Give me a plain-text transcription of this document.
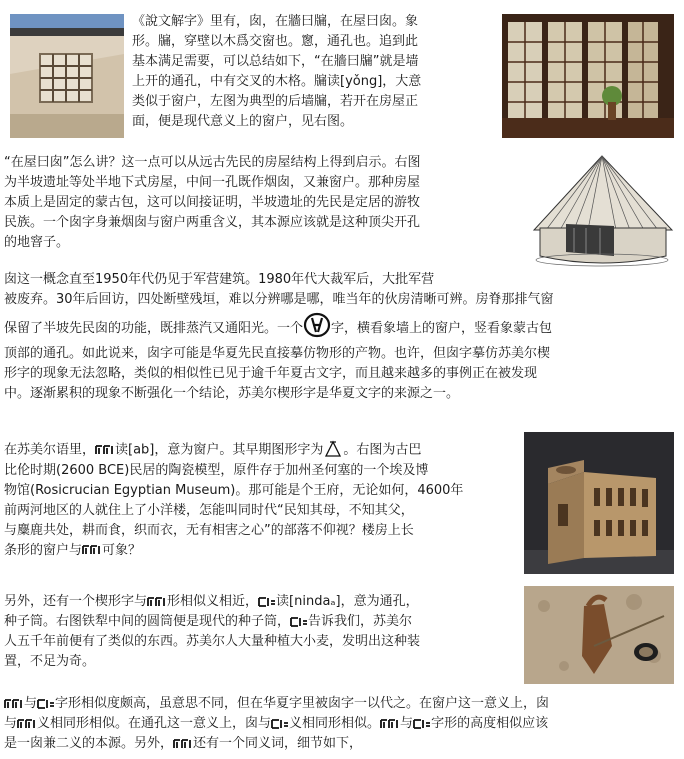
《說文解字》里有，囱，在牆曰牖，在屋曰囱。象
形。牖，穿壁以木爲交窗也。窻，通孔也。追到此
基本满足需要，可以总结如下，“在牆曰牖”就是墙
上开的通孔，中有交叉的木格。牖读[yǒng]，大意
类似于窗户，左图为典型的后墙牖，若开在房屋正
面，便是现代意义上的窗户，见右图。
“在屋曰囱”怎么讲？这一点可以从远古先民的房屋结构上得到启示。右图
为半坡遗址等处半地下式房屋，中间一孔既作烟囱，又兼窗户。那种房屋
本质上是固定的蒙古包，这可以间接证明，半坡遗址的先民是定居的游牧
民族。一个囱字身兼烟囱与窗户两重含义，其本源应该就是这种顶尖开孔
的地窨子。
囱这一概念直至1950年代仍见于军营建筑。1980年代大裁军后，大批军营
被废弃。30年后回访，四处断壁残垣，难以分辨哪是哪，唯当年的伙房清晰可辨。房脊那排气窗
保留了半坡先民囱的功能，既排蒸汽又通阳光。一个 字，横看象墙上的窗户，竖看象蒙古包
顶部的通孔。如此说来，囱字可能是华夏先民直接摹仿物形的产物。也许，但囱字摹仿苏美尔楔
形字的现象无法忽略，类似的相似性已见于逾千年夏古文字，而且越来越多的事例正在被发现
中。逐渐累积的现象不断强化一个结论，苏美尔楔形字是华夏文字的来源之一。
在苏美尔语里， 读[ab]，意为窗户。其早期图形字为 。右图为古巴
比伦时期(2600 BCE)民居的陶瓷模型，原件存于加州圣何塞的一个埃及博
物馆(Rosicrucian Egyptian Museum)。那可能是个王府，无论如何，4600年
前两河地区的人就住上了小洋楼，怎能叫同时代“民知其母，不知其父，
与麋鹿共处，耕而食，织而衣，无有相害之心”的部落不仰视？楼房上长
条形的窗户与 可象？
另外，还有一个楔形字与 形相似义相近， 读[nindaₐ]，意为通孔，
种子筒。右图铁犁中间的圆筒便是现代的种子筒， 告诉我们，苏美尔
人五千年前便有了类似的东西。苏美尔人大量种植大小麦，发明出这种装
置，不足为奇。
与 字形相似度颇高，虽意思不同，但在华夏字里被囱字一以代之。在窗户这一意义上，囱
与 义相同形相似。在通孔这一意义上，囱与 义相同形相似。 与 字形的高度相似应该
是一囱兼二义的本源。另外， 还有一个同义词，细节如下，
